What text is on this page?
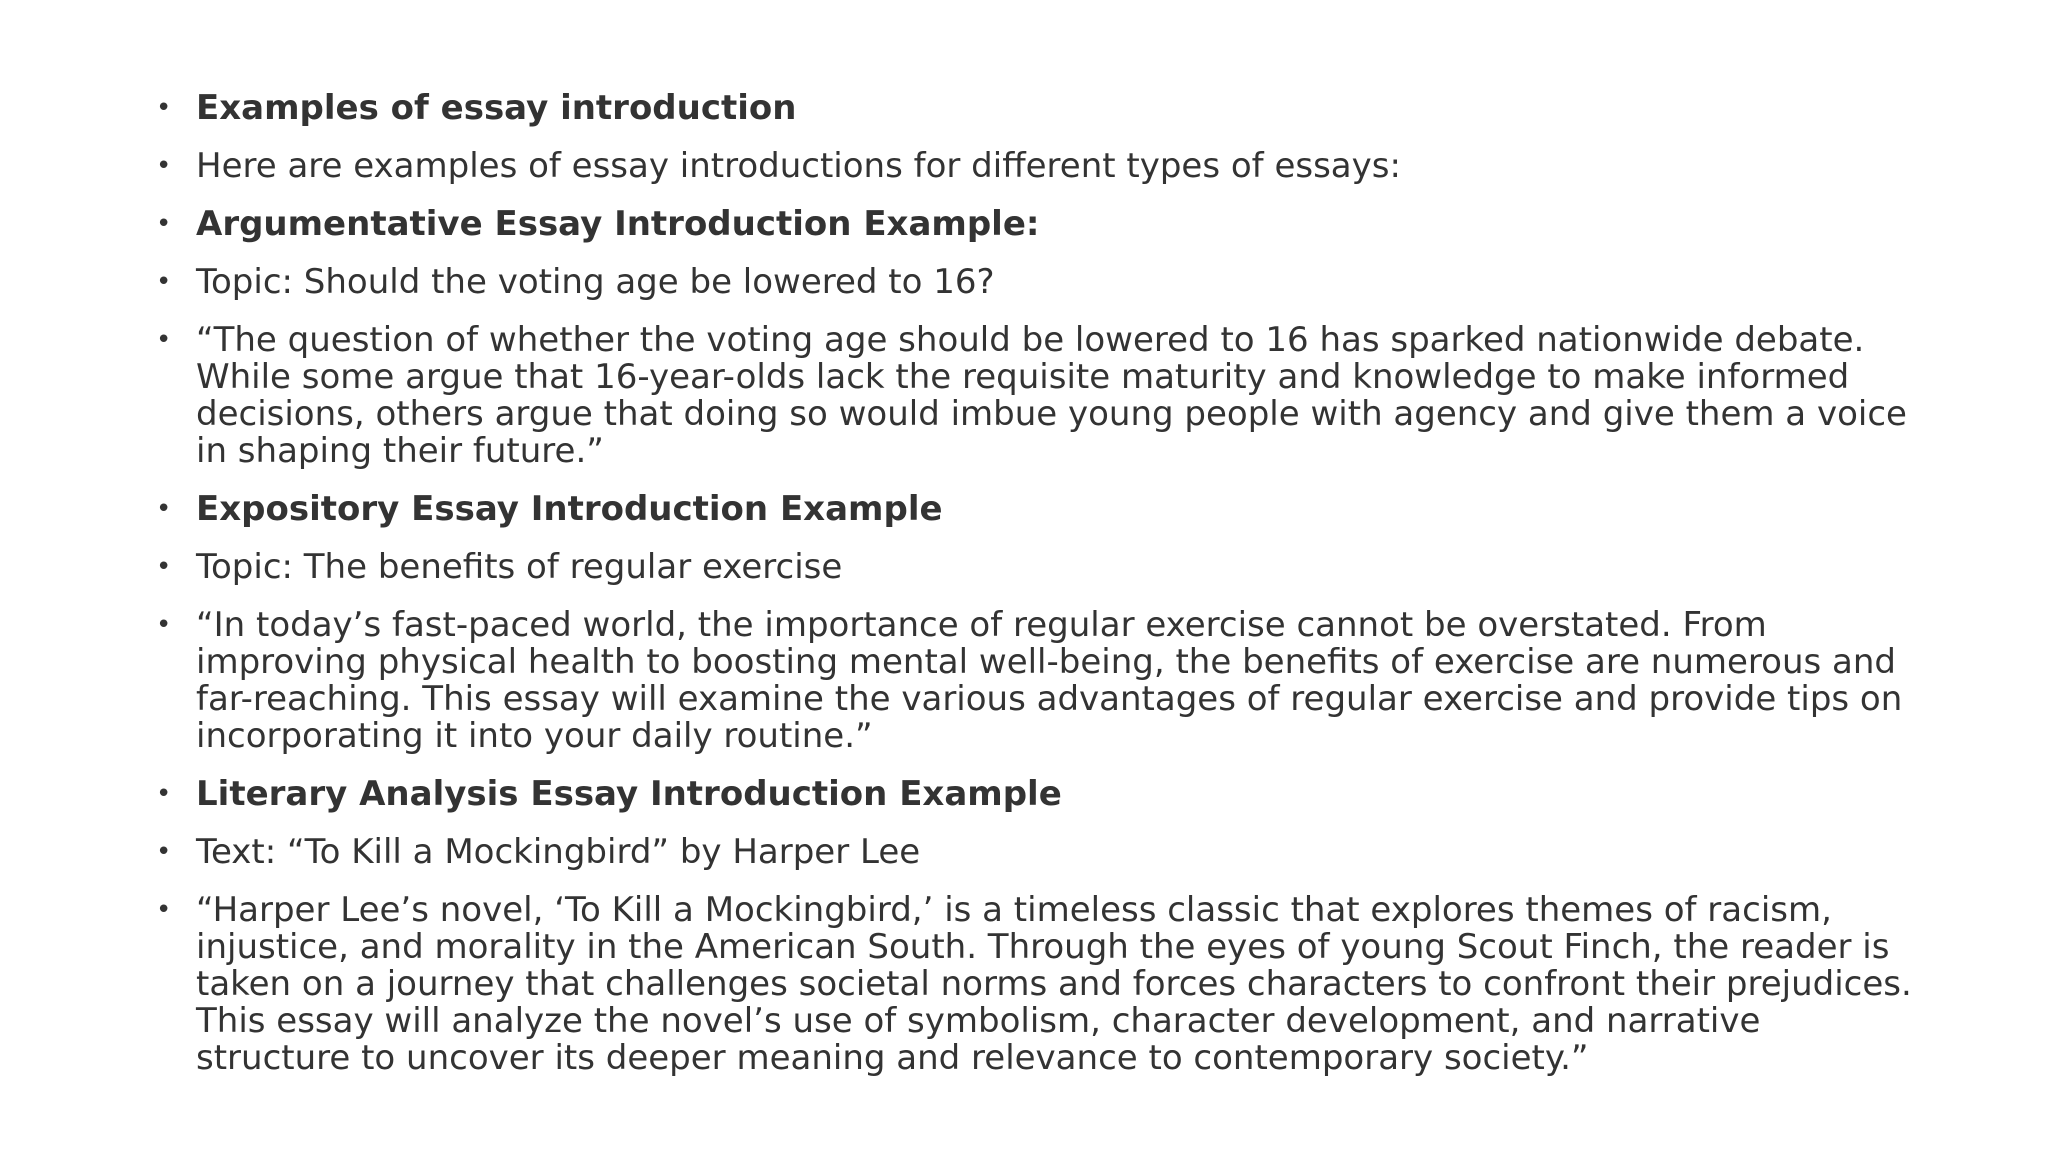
• Examples of essay introduction
• Here are examples of essay introductions for different types of essays:
• Argumentative Essay Introduction Example:
• Topic: Should the voting age be lowered to 16?
• “The question of whether the voting age should be lowered to 16 has sparked nationwide debate. While some argue that 16-year-olds lack the requisite maturity and knowledge to make informed decisions, others argue that doing so would imbue young people with agency and give them a voice in shaping their future.”
• Expository Essay Introduction Example
• Topic: The benefits of regular exercise
• “In today’s fast-paced world, the importance of regular exercise cannot be overstated. From improving physical health to boosting mental well-being, the benefits of exercise are numerous and far-reaching. This essay will examine the various advantages of regular exercise and provide tips on incorporating it into your daily routine.”
• Literary Analysis Essay Introduction Example
• Text: “To Kill a Mockingbird” by Harper Lee
• “Harper Lee’s novel, ‘To Kill a Mockingbird,’ is a timeless classic that explores themes of racism, injustice, and morality in the American South. Through the eyes of young Scout Finch, the reader is taken on a journey that challenges societal norms and forces characters to confront their prejudices. This essay will analyze the novel’s use of symbolism, character development, and narrative structure to uncover its deeper meaning and relevance to contemporary society.”
